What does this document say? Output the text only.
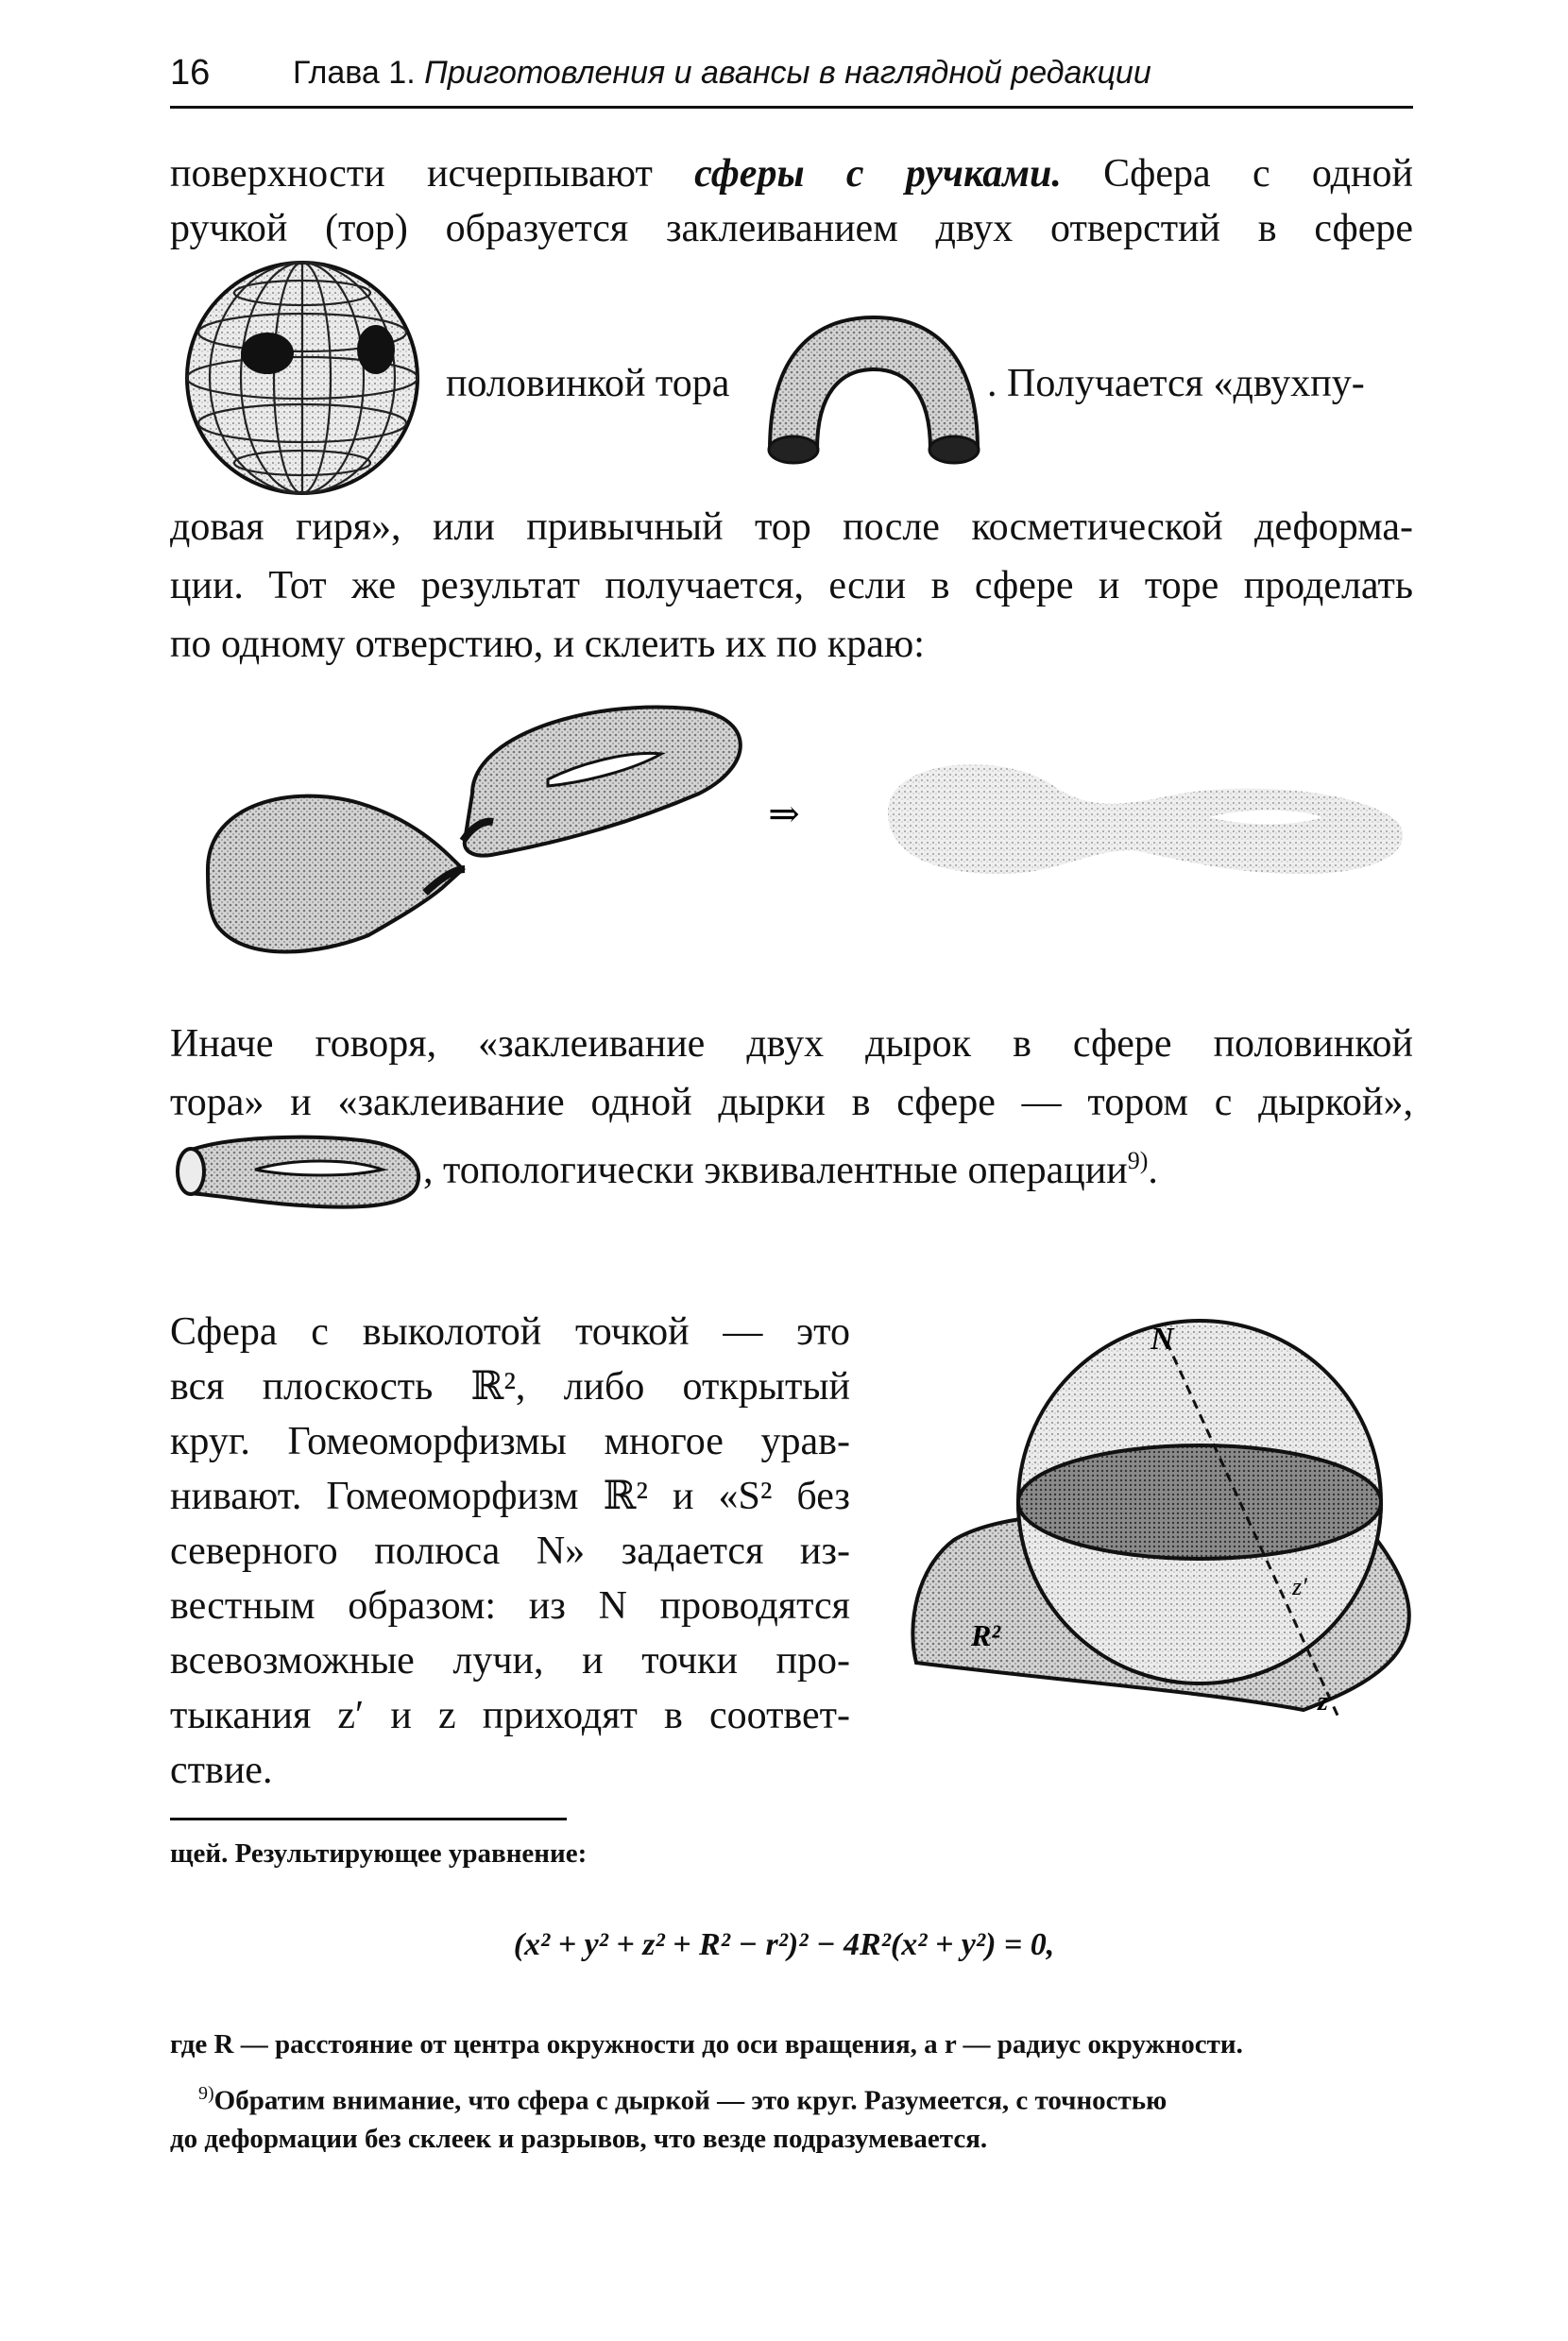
16	Глава 1. Приготовления и авансы в наглядной редакции
поверхности исчерпывают сферы с ручками. Сфера с одной
ручкой (тор) образуется заклеиванием двух отверстий в сфере
половинкой тора	. Получается «двухпу-
довая гиря», или привычный тор после косметической деформа-
ции. Тот же результат получается, если в сфере и торе проделать
по одному отверстию, и склеить их по краю:
⇒
Иначе говоря, «заклеивание двух дырок в сфере половинкой
тора» и «заклеивание одной дырки в сфере — тором с дыркой»,
, топологически эквивалентные операции$^{9)}$.
Сфера с выколотой точкой — это
вся плоскость ℝ², либо открытый
круг. Гомеоморфизмы многое урав-
нивают. Гомеоморфизм ℝ² и «S² без
северного полюса N» задается из-
вестным образом: из N проводятся
всевозможные лучи, и точки про-
тыкания z′ и z приходят в соответ-
ствие.
N
R²
z′
z
щей. Результирующее уравнение:
(x² + y² + z² + R² − r²)² − 4R²(x² + y²) = 0,
где R — расстояние от центра окружности до оси вращения, а r — радиус окружности.
$^{9)}$Обратим внимание, что сфера с дыркой — это круг. Разумеется, с точностью
до деформации без склеек и разрывов, что везде подразумевается.
